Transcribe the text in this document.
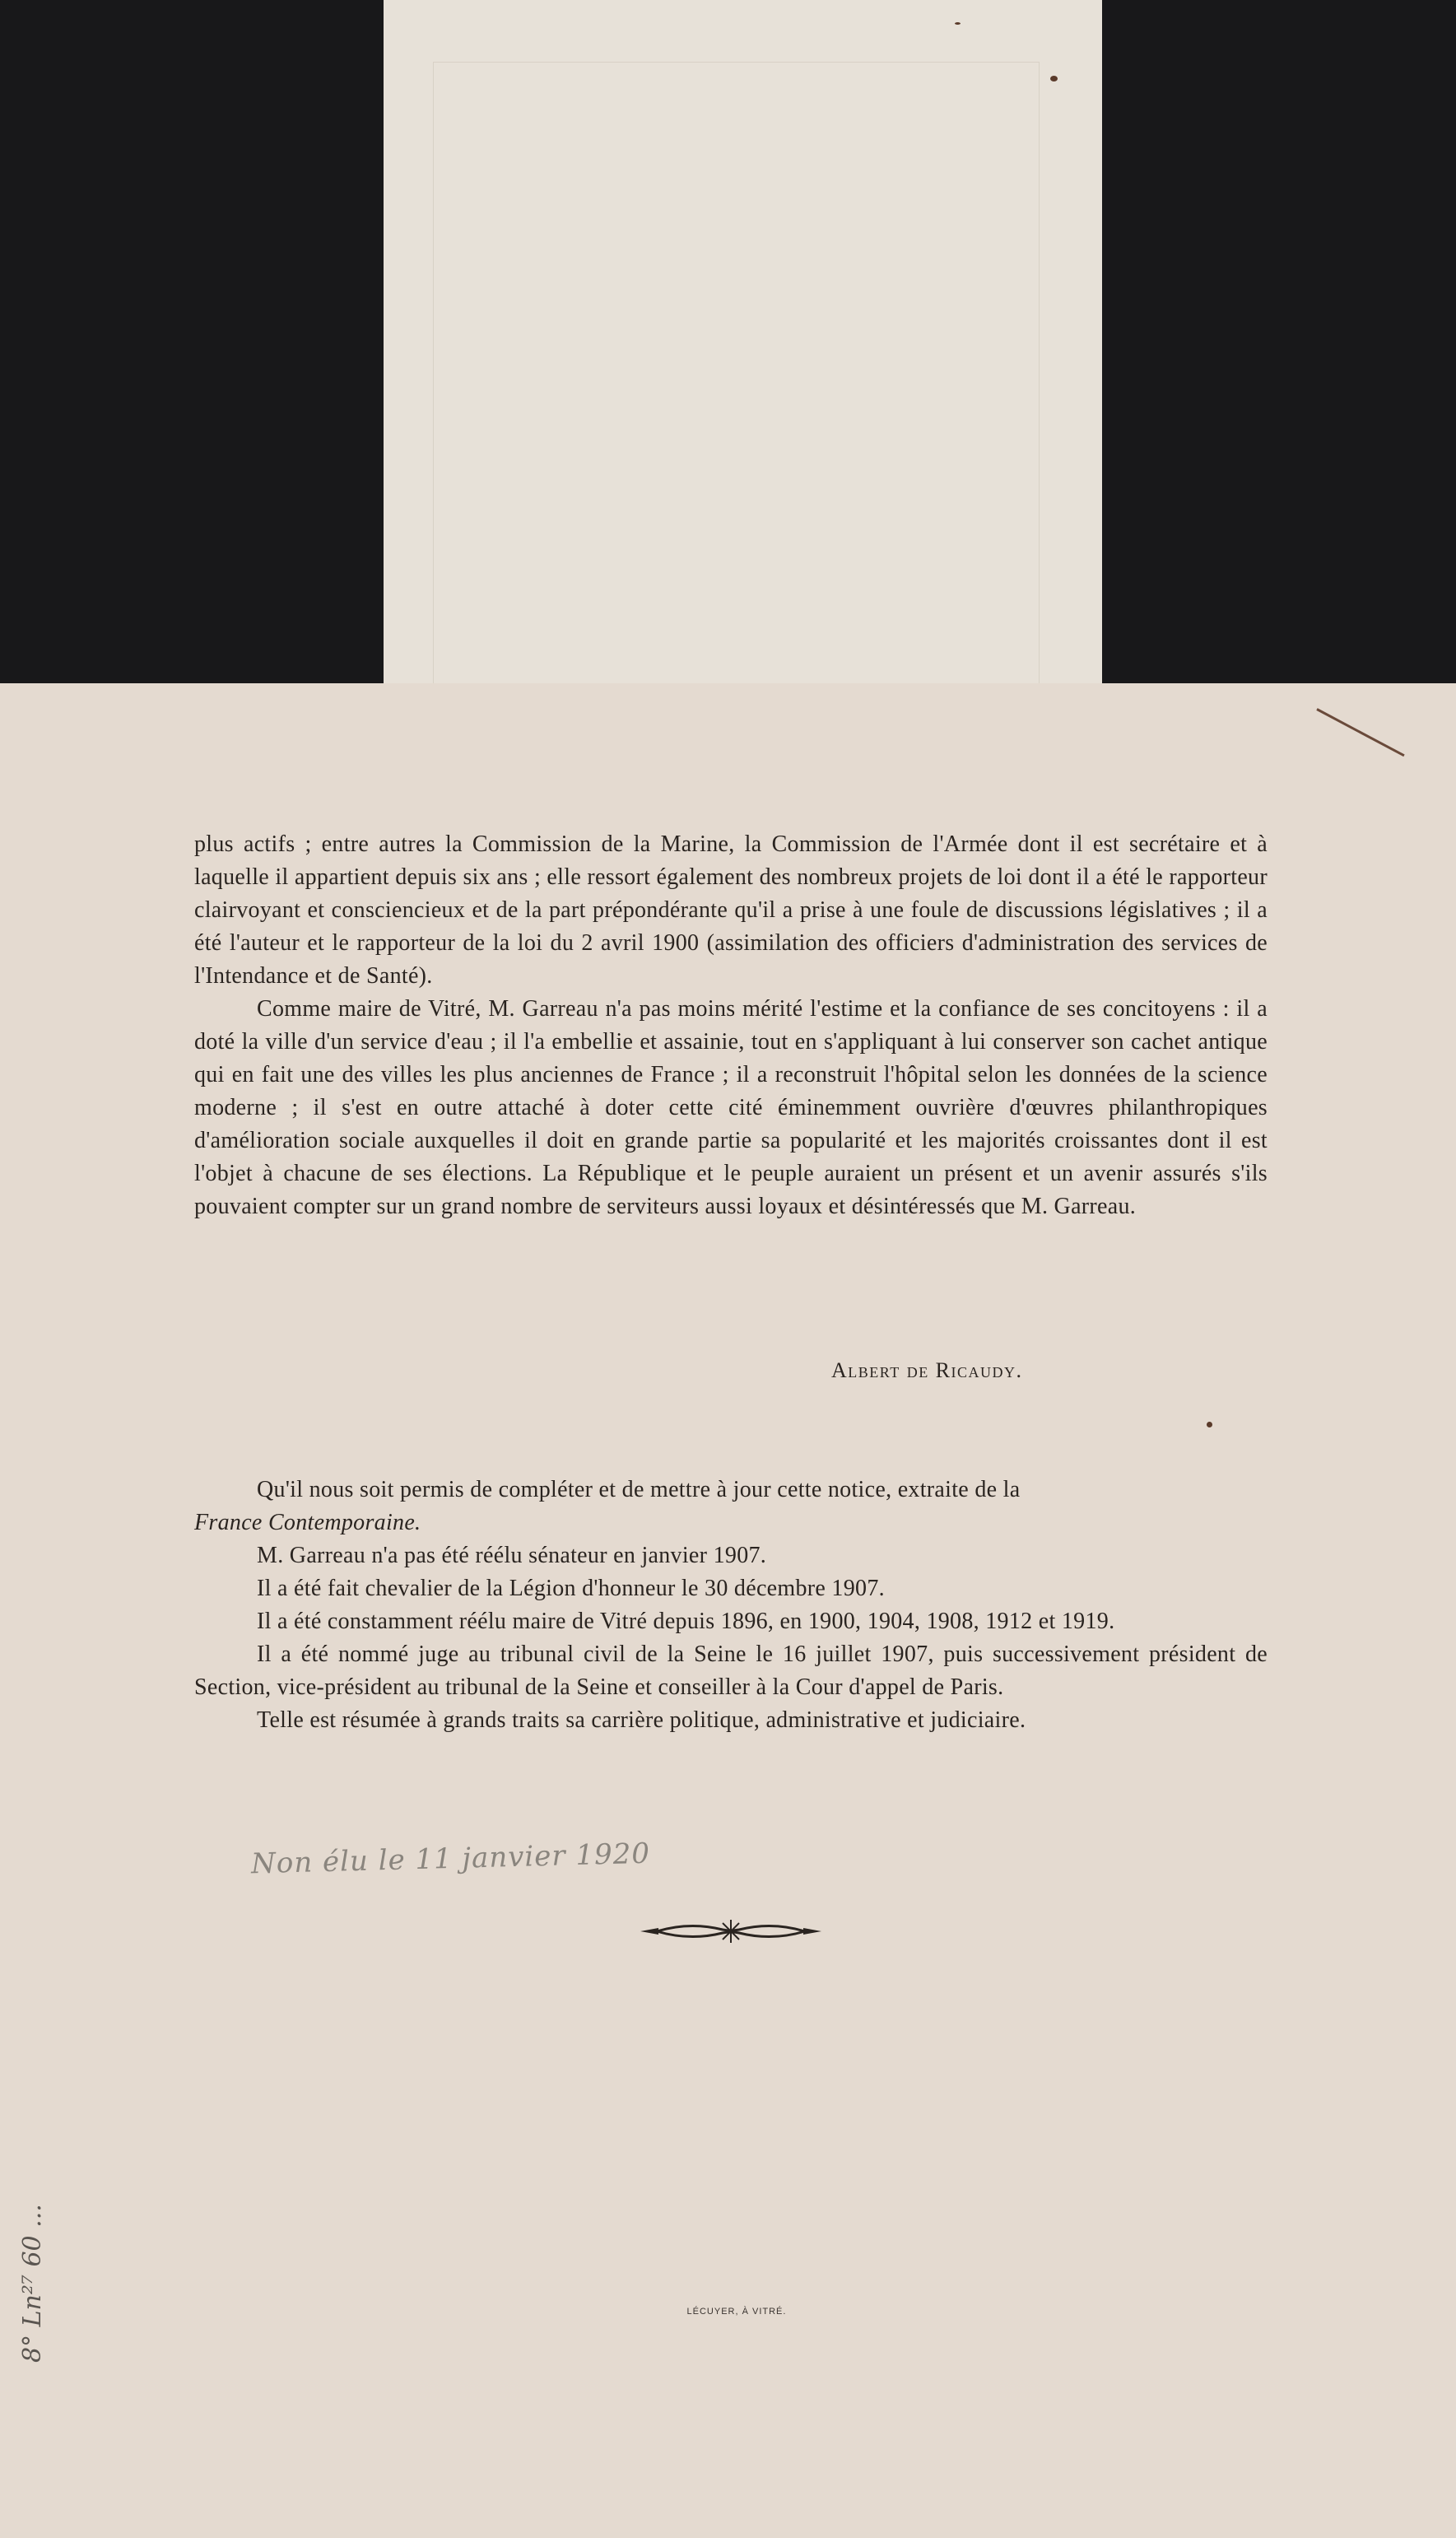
plus actifs ; entre autres la Commission de la Marine, la Commission de l'Armée dont il est secrétaire et à laquelle il appartient depuis six ans ; elle ressort également des nombreux projets de loi dont il a été le rapporteur clairvoyant et consciencieux et de la part prépondérante qu'il a prise à une foule de discussions législatives ; il a été l'auteur et le rapporteur de la loi du 2 avril 1900 (assimilation des officiers d'administration des services de l'Intendance et de Santé).

Comme maire de Vitré, M. Garreau n'a pas moins mérité l'estime et la confiance de ses concitoyens : il a doté la ville d'un service d'eau ; il l'a embellie et assainie, tout en s'appliquant à lui conserver son cachet antique qui en fait une des villes les plus anciennes de France ; il a reconstruit l'hôpital selon les données de la science moderne ; il s'est en outre attaché à doter cette cité éminemment ouvrière d'œuvres philanthropiques d'amélioration sociale auxquelles il doit en grande partie sa popularité et les majorités croissantes dont il est l'objet à chacune de ses élections. La République et le peuple auraient un présent et un avenir assurés s'ils pouvaient compter sur un grand nombre de serviteurs aussi loyaux et désintéressés que M. Garreau.

Albert de Ricaudy.

Qu'il nous soit permis de compléter et de mettre à jour cette notice, extraite de la
France Contemporaine.

M. Garreau n'a pas été réélu sénateur en janvier 1907.

Il a été fait chevalier de la Légion d'honneur le 30 décembre 1907.

Il a été constamment réélu maire de Vitré depuis 1896, en 1900, 1904, 1908, 1912 et 1919.

Il a été nommé juge au tribunal civil de la Seine le 16 juillet 1907, puis successivement président de Section, vice-président au tribunal de la Seine et conseiller à la Cour d'appel de Paris.

Telle est résumée à grands traits sa carrière politique, administrative et judiciaire.

Non élu le 11 janvier 1920
LÉCUYER, À VITRÉ.
8° Ln²⁷ 60 ...
